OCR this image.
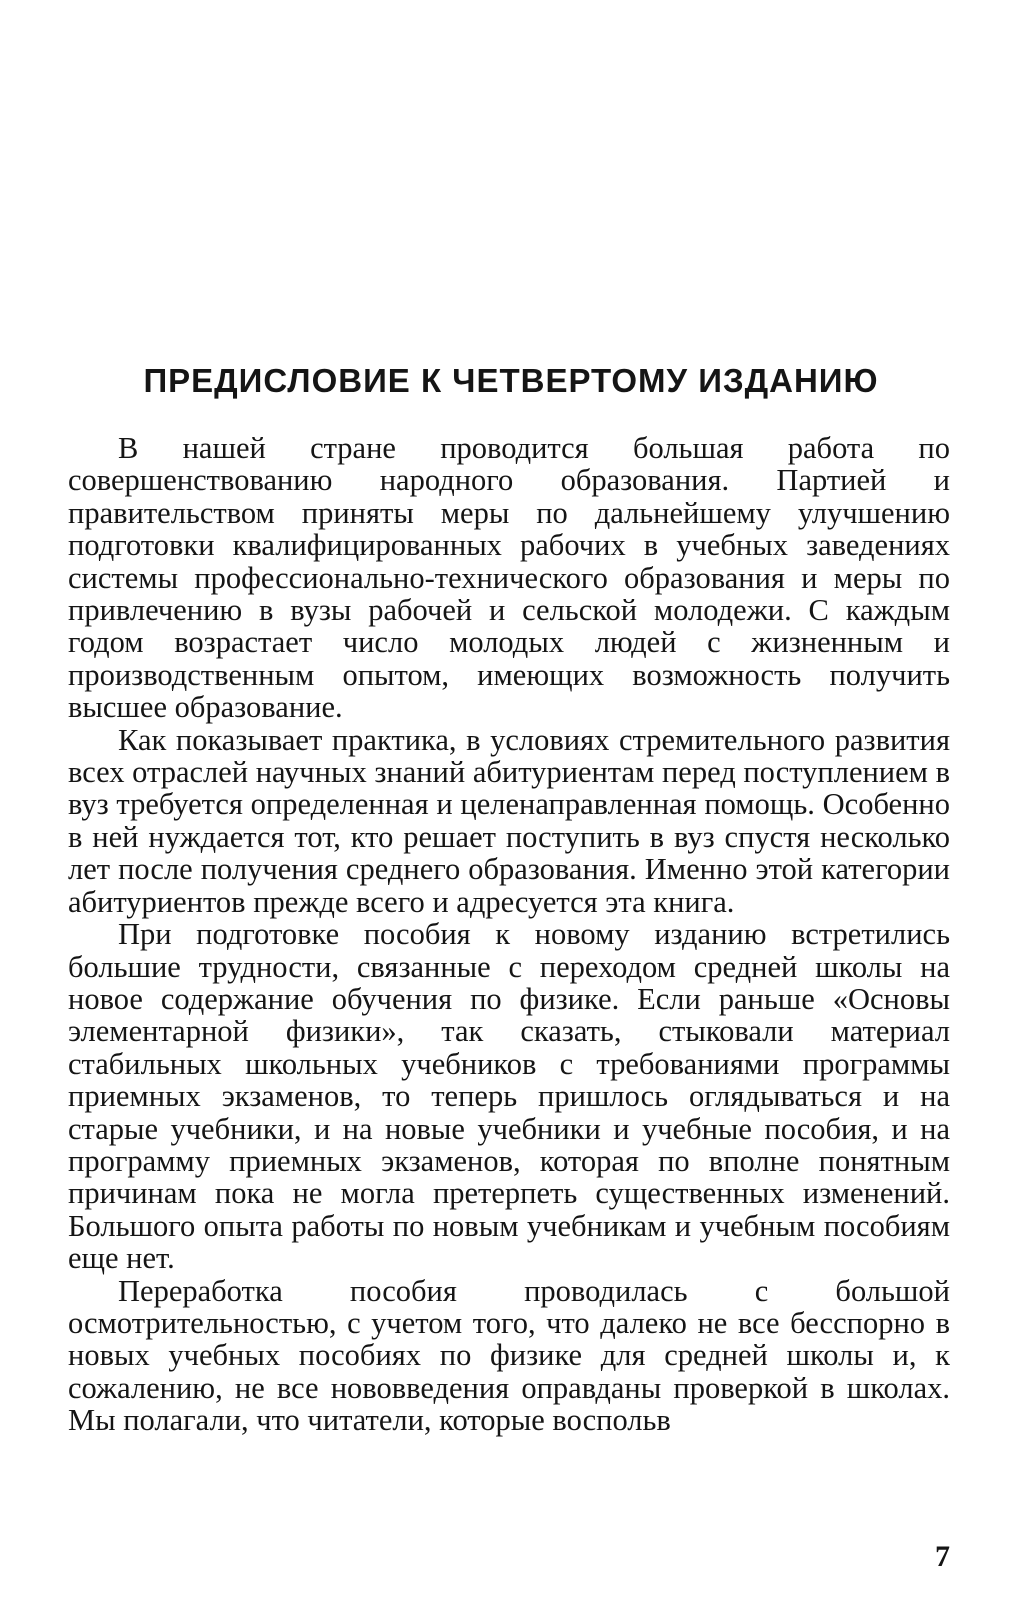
ПРЕДИСЛОВИЕ К ЧЕТВЕРТОМУ ИЗДАНИЮ

В нашей стране проводится большая работа по совершенствованию народного образования. Партией и правительством приняты меры по дальнейшему улучшению подготовки квалифицированных рабочих в учебных заведениях системы профессионально-технического образования и меры по привлечению в вузы рабочей и сельской молодежи. С каждым годом возрастает число молодых людей с жизненным и производственным опытом, имеющих возможность получить высшее образование.

Как показывает практика, в условиях стремительного развития всех отраслей научных знаний абитуриентам перед поступлением в вуз требуется определенная и целенаправленная помощь. Особенно в ней нуждается тот, кто решает поступить в вуз спустя несколько лет после получения среднего образования. Именно этой категории абитуриентов прежде всего и адресуется эта книга.

При подготовке пособия к новому изданию встретились большие трудности, связанные с переходом средней школы на новое содержание обучения по физике. Если раньше «Основы элементарной физики», так сказать, стыковали материал стабильных школьных учебников с требованиями программы приемных экзаменов, то теперь пришлось оглядываться и на старые учебники, и на новые учебники и учебные пособия, и на программу приемных экзаменов, которая по вполне понятным причинам пока не могла претерпеть существенных изменений. Большого опыта работы по новым учебникам и учебным пособиям еще нет.

Переработка пособия проводилась с большой осмотрительностью, с учетом того, что далеко не все бесспорно в новых учебных пособиях по физике для средней школы и, к сожалению, не все нововведения оправданы проверкой в школах. Мы полагали, что читатели, которые воспольв

7
